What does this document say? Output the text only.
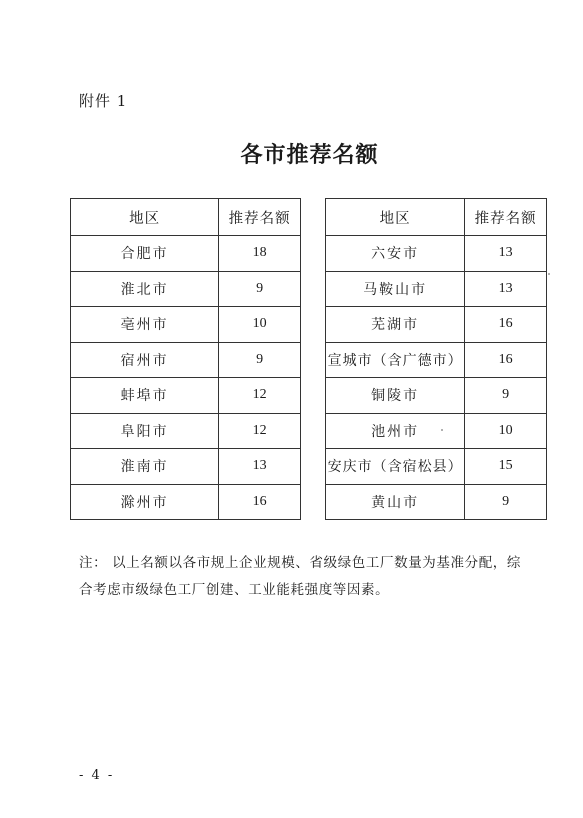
附件 1
各市推荐名额
地区	推荐名额		地区	推荐名额
合肥市	18		六安市	13
淮北市	9		马鞍山市	13
亳州市	10		芜湖市	16
宿州市	9		宣城市（含广德市）	16
蚌埠市	12		铜陵市	9
阜阳市	12		池州市	10
淮南市	13		安庆市（含宿松县）	15
滁州市	16		黄山市	9
注： 以上名额以各市规上企业规模、省级绿色工厂数量为基准分配，综合考虑市级绿色工厂创建、工业能耗强度等因素。
- 4 -
